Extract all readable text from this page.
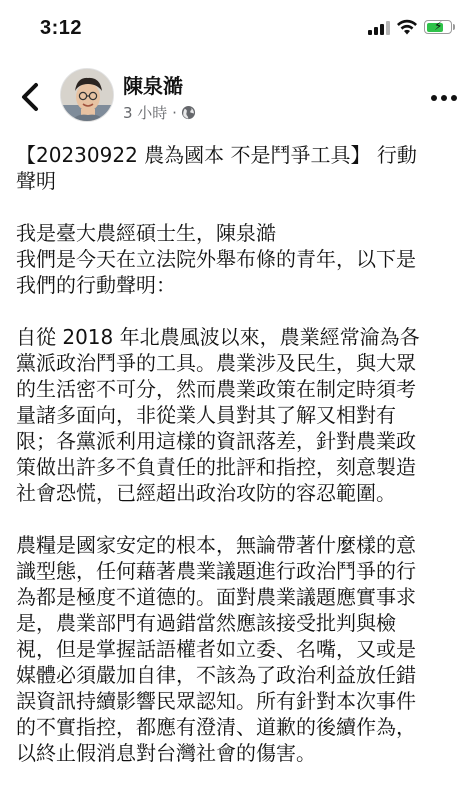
3:12	⚡
陳泉澔
3 小時 ·

【20230922 農為國本 不是鬥爭工具】 行動
聲明

我是臺大農經碩士生，陳泉澔
我們是今天在立法院外舉布條的青年，以下是
我們的行動聲明：

自從 2018 年北農風波以來，農業經常淪為各
黨派政治鬥爭的工具。農業涉及民生，與大眾
的生活密不可分，然而農業政策在制定時須考
量諸多面向，非從業人員對其了解又相對有
限；各黨派利用這樣的資訊落差，針對農業政
策做出許多不負責任的批評和指控，刻意製造
社會恐慌，已經超出政治攻防的容忍範圍。

農糧是國家安定的根本，無論帶著什麼樣的意
識型態，任何藉著農業議題進行政治鬥爭的行
為都是極度不道德的。面對農業議題應實事求
是，農業部門有過錯當然應該接受批判與檢
視，但是掌握話語權者如立委、名嘴，又或是
媒體必須嚴加自律，不該為了政治利益放任錯
誤資訊持續影響民眾認知。所有針對本次事件
的不實指控，都應有澄清、道歉的後續作為，
以終止假消息對台灣社會的傷害。
